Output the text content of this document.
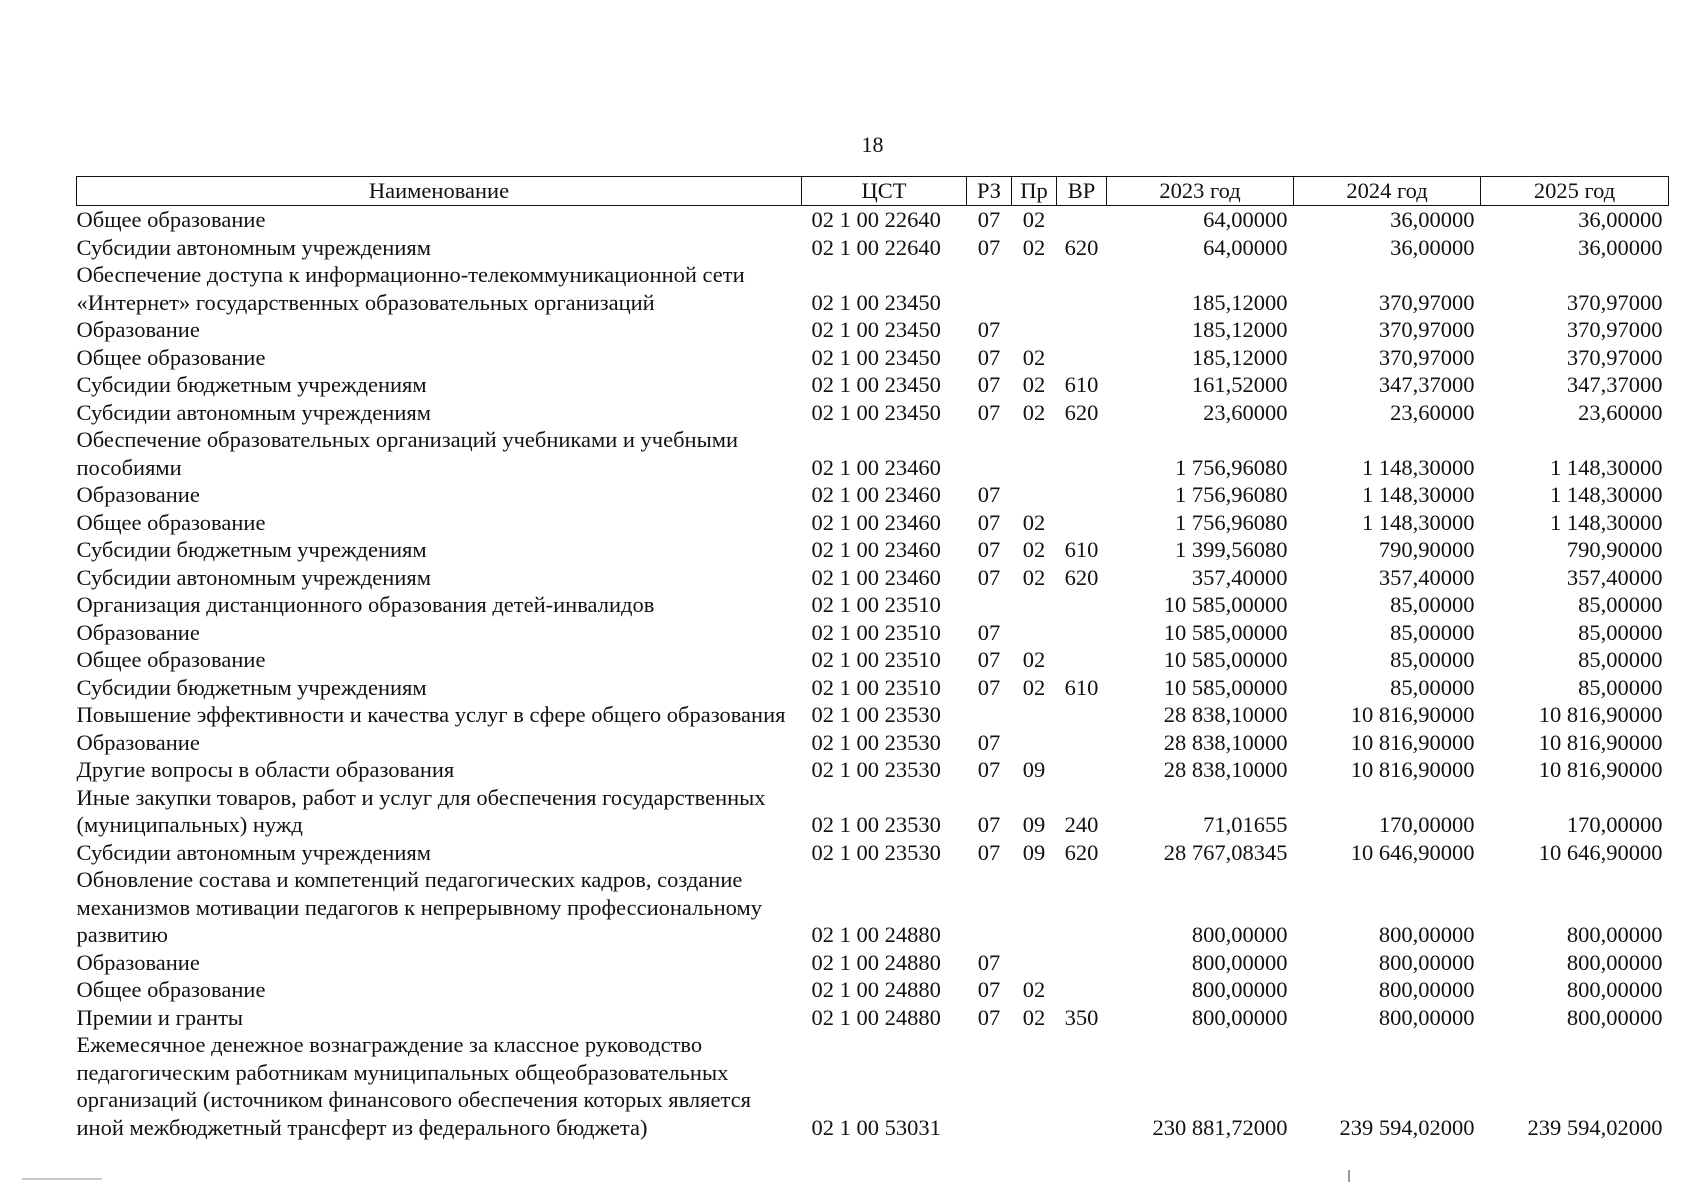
18
Наименование	ЦСТ	РЗ	Пр	ВР	2023 год	2024 год	2025 год
Общее образование	02 1 00 22640	07	02		64,00000	36,00000	36,00000
Субсидии автономным учреждениям	02 1 00 22640	07	02	620	64,00000	36,00000	36,00000
Обеспечение доступа к информационно-телекоммуникационной сети «Интернет» государственных образовательных организаций	02 1 00 23450				185,12000	370,97000	370,97000
Образование	02 1 00 23450	07			185,12000	370,97000	370,97000
Общее образование	02 1 00 23450	07	02		185,12000	370,97000	370,97000
Субсидии бюджетным учреждениям	02 1 00 23450	07	02	610	161,52000	347,37000	347,37000
Субсидии автономным учреждениям	02 1 00 23450	07	02	620	23,60000	23,60000	23,60000
Обеспечение образовательных организаций учебниками и учебными пособиями	02 1 00 23460				1 756,96080	1 148,30000	1 148,30000
Образование	02 1 00 23460	07			1 756,96080	1 148,30000	1 148,30000
Общее образование	02 1 00 23460	07	02		1 756,96080	1 148,30000	1 148,30000
Субсидии бюджетным учреждениям	02 1 00 23460	07	02	610	1 399,56080	790,90000	790,90000
Субсидии автономным учреждениям	02 1 00 23460	07	02	620	357,40000	357,40000	357,40000
Организация дистанционного образования детей-инвалидов	02 1 00 23510				10 585,00000	85,00000	85,00000
Образование	02 1 00 23510	07			10 585,00000	85,00000	85,00000
Общее образование	02 1 00 23510	07	02		10 585,00000	85,00000	85,00000
Субсидии бюджетным учреждениям	02 1 00 23510	07	02	610	10 585,00000	85,00000	85,00000
Повышение эффективности и качества услуг в сфере общего образования	02 1 00 23530				28 838,10000	10 816,90000	10 816,90000
Образование	02 1 00 23530	07			28 838,10000	10 816,90000	10 816,90000
Другие вопросы в области образования	02 1 00 23530	07	09		28 838,10000	10 816,90000	10 816,90000
Иные закупки товаров, работ и услуг для обеспечения государственных (муниципальных) нужд	02 1 00 23530	07	09	240	71,01655	170,00000	170,00000
Субсидии автономным учреждениям	02 1 00 23530	07	09	620	28 767,08345	10 646,90000	10 646,90000
Обновление состава и компетенций педагогических кадров, создание механизмов мотивации педагогов к непрерывному профессиональному развитию	02 1 00 24880				800,00000	800,00000	800,00000
Образование	02 1 00 24880	07			800,00000	800,00000	800,00000
Общее образование	02 1 00 24880	07	02		800,00000	800,00000	800,00000
Премии и гранты	02 1 00 24880	07	02	350	800,00000	800,00000	800,00000
Ежемесячное денежное вознаграждение за классное руководство педагогическим работникам муниципальных общеобразовательных организаций (источником финансового обеспечения которых является иной межбюджетный трансферт из федерального бюджета)	02 1 00 53031				230 881,72000	239 594,02000	239 594,02000
